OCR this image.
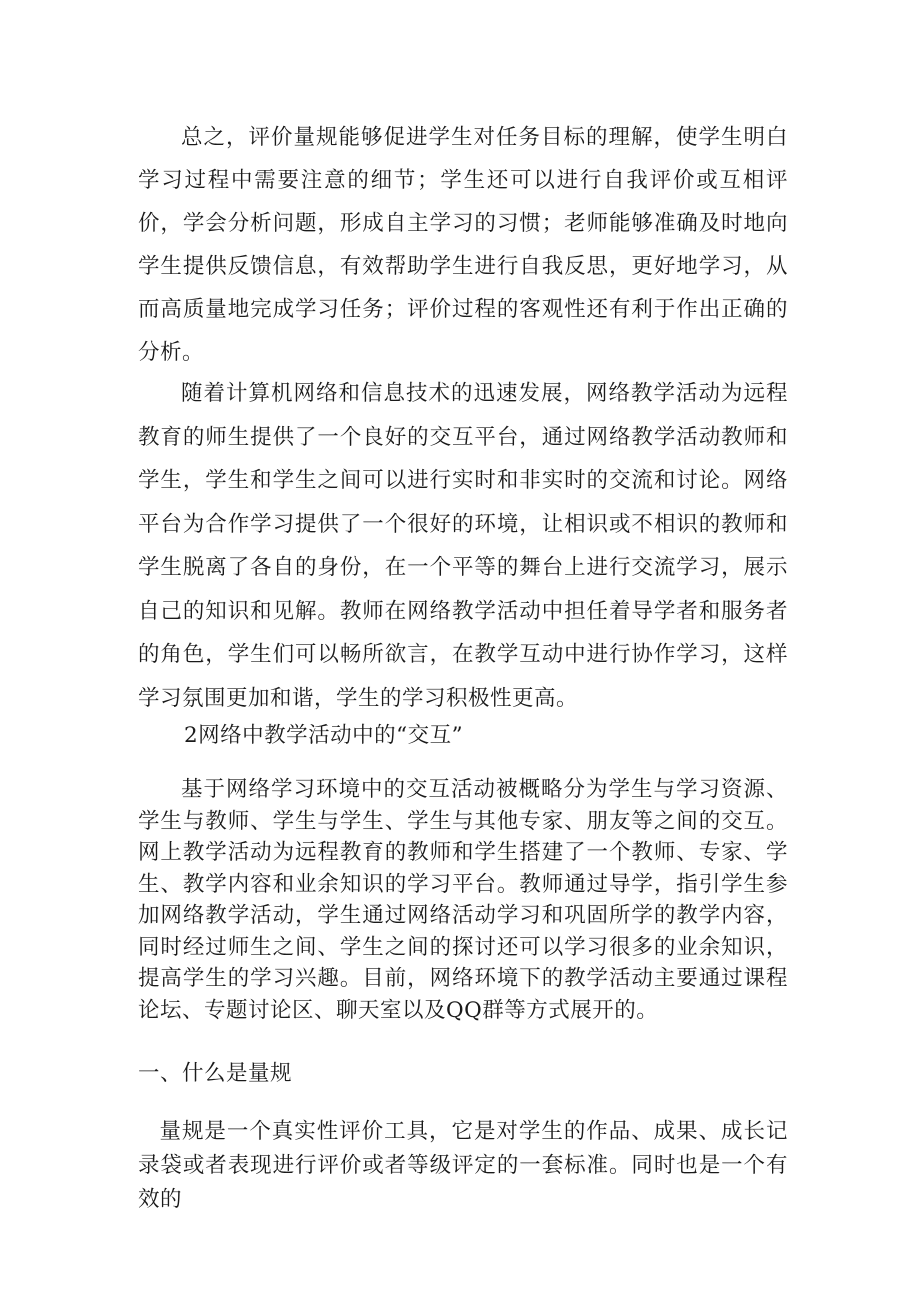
总之，评价量规能够促进学生对任务目标的理解，使学生明白学习过程中需要注意的细节；学生还可以进行自我评价或互相评价，学会分析问题，形成自主学习的习惯；老师能够准确及时地向学生提供反馈信息，有效帮助学生进行自我反思，更好地学习，从而高质量地完成学习任务；评价过程的客观性还有利于作出正确的分析。

随着计算机网络和信息技术的迅速发展，网络教学活动为远程教育的师生提供了一个良好的交互平台，通过网络教学活动教师和学生，学生和学生之间可以进行实时和非实时的交流和讨论。网络平台为合作学习提供了一个很好的环境，让相识或不相识的教师和学生脱离了各自的身份，在一个平等的舞台上进行交流学习，展示自己的知识和见解。教师在网络教学活动中担任着导学者和服务者的角色，学生们可以畅所欲言，在教学互动中进行协作学习，这样学习氛围更加和谐，学生的学习积极性更高。

2网络中教学活动中的“交互”

基于网络学习环境中的交互活动被概略分为学生与学习资源、学生与教师、学生与学生、学生与其他专家、朋友等之间的交互。网上教学活动为远程教育的教师和学生搭建了一个教师、专家、学生、教学内容和业余知识的学习平台。教师通过导学，指引学生参加网络教学活动，学生通过网络活动学习和巩固所学的教学内容，同时经过师生之间、学生之间的探讨还可以学习很多的业余知识，提高学生的学习兴趣。目前，网络环境下的教学活动主要通过课程论坛、专题讨论区、聊天室以及QQ群等方式展开的。

一、什么是量规

量规是一个真实性评价工具，它是对学生的作品、成果、成长记录袋或者表现进行评价或者等级评定的一套标准。同时也是一个有效的
